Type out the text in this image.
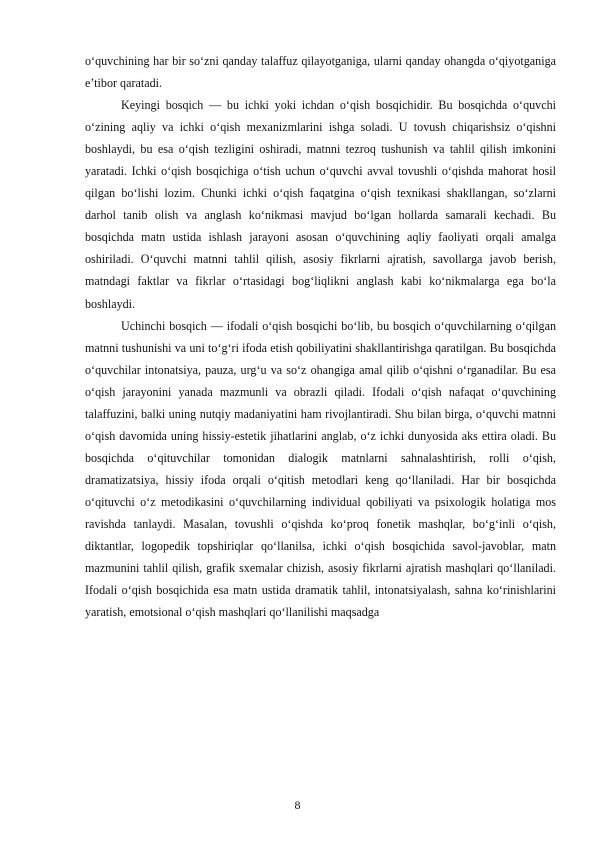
o‘quvchining har bir so‘zni qanday talaffuz qilayotganiga, ularni qanday ohangda o‘qiyotganiga e’tibor qaratadi.

Keyingi bosqich — bu ichki yoki ichdan o‘qish bosqichidir. Bu bosqichda o‘quvchi o‘zining aqliy va ichki o‘qish mexanizmlarini ishga soladi. U tovush chiqarishsiz o‘qishni boshlaydi, bu esa o‘qish tezligini oshiradi, matnni tezroq tushunish va tahlil qilish imkonini yaratadi. Ichki o‘qish bosqichiga o‘tish uchun o‘quvchi avval tovushli o‘qishda mahorat hosil qilgan bo‘lishi lozim. Chunki ichki o‘qish faqatgina o‘qish texnikasi shakllangan, so‘zlarni darhol tanib olish va anglash ko‘nikmasi mavjud bo‘lgan hollarda samarali kechadi. Bu bosqichda matn ustida ishlash jarayoni asosan o‘quvchining aqliy faoliyati orqali amalga oshiriladi. O‘quvchi matnni tahlil qilish, asosiy fikrlarni ajratish, savollarga javob berish, matndagi faktlar va fikrlar o‘rtasidagi bog‘liqlikni anglash kabi ko‘nikmalarga ega bo‘la boshlaydi.

Uchinchi bosqich — ifodali o‘qish bosqichi bo‘lib, bu bosqich o‘quvchilarning o‘qilgan matnni tushunishi va uni to‘g‘ri ifoda etish qobiliyatini shakllantirishga qaratilgan. Bu bosqichda o‘quvchilar intonatsiya, pauza, urg‘u va so‘z ohangiga amal qilib o‘qishni o‘rganadilar. Bu esa o‘qish jarayonini yanada mazmunli va obrazli qiladi. Ifodali o‘qish nafaqat o‘quvchining talaffuzini, balki uning nutqiy madaniyatini ham rivojlantiradi. Shu bilan birga, o‘quvchi matnni o‘qish davomida uning hissiy-estetik jihatlarini anglab, o‘z ichki dunyosida aks ettira oladi. Bu bosqichda o‘qituvchilar tomonidan dialogik matnlarni sahnalashtirish, rolli o‘qish, dramatizatsiya, hissiy ifoda orqali o‘qitish metodlari keng qo‘llaniladi. Har bir bosqichda o‘qituvchi o‘z metodikasini o‘quvchilarning individual qobiliyati va psixologik holatiga mos ravishda tanlaydi. Masalan, tovushli o‘qishda ko‘proq fonetik mashqlar, bo‘g‘inli o‘qish, diktantlar, logopedik topshiriqlar qo‘llanilsa, ichki o‘qish bosqichida savol-javoblar, matn mazmunini tahlil qilish, grafik sxemalar chizish, asosiy fikrlarni ajratish mashqlari qo‘llaniladi. Ifodali o‘qish bosqichida esa matn ustida dramatik tahlil, intonatsiyalash, sahna ko‘rinishlarini yaratish, emotsional o‘qish mashqlari qo‘llanilishi maqsadga

8
